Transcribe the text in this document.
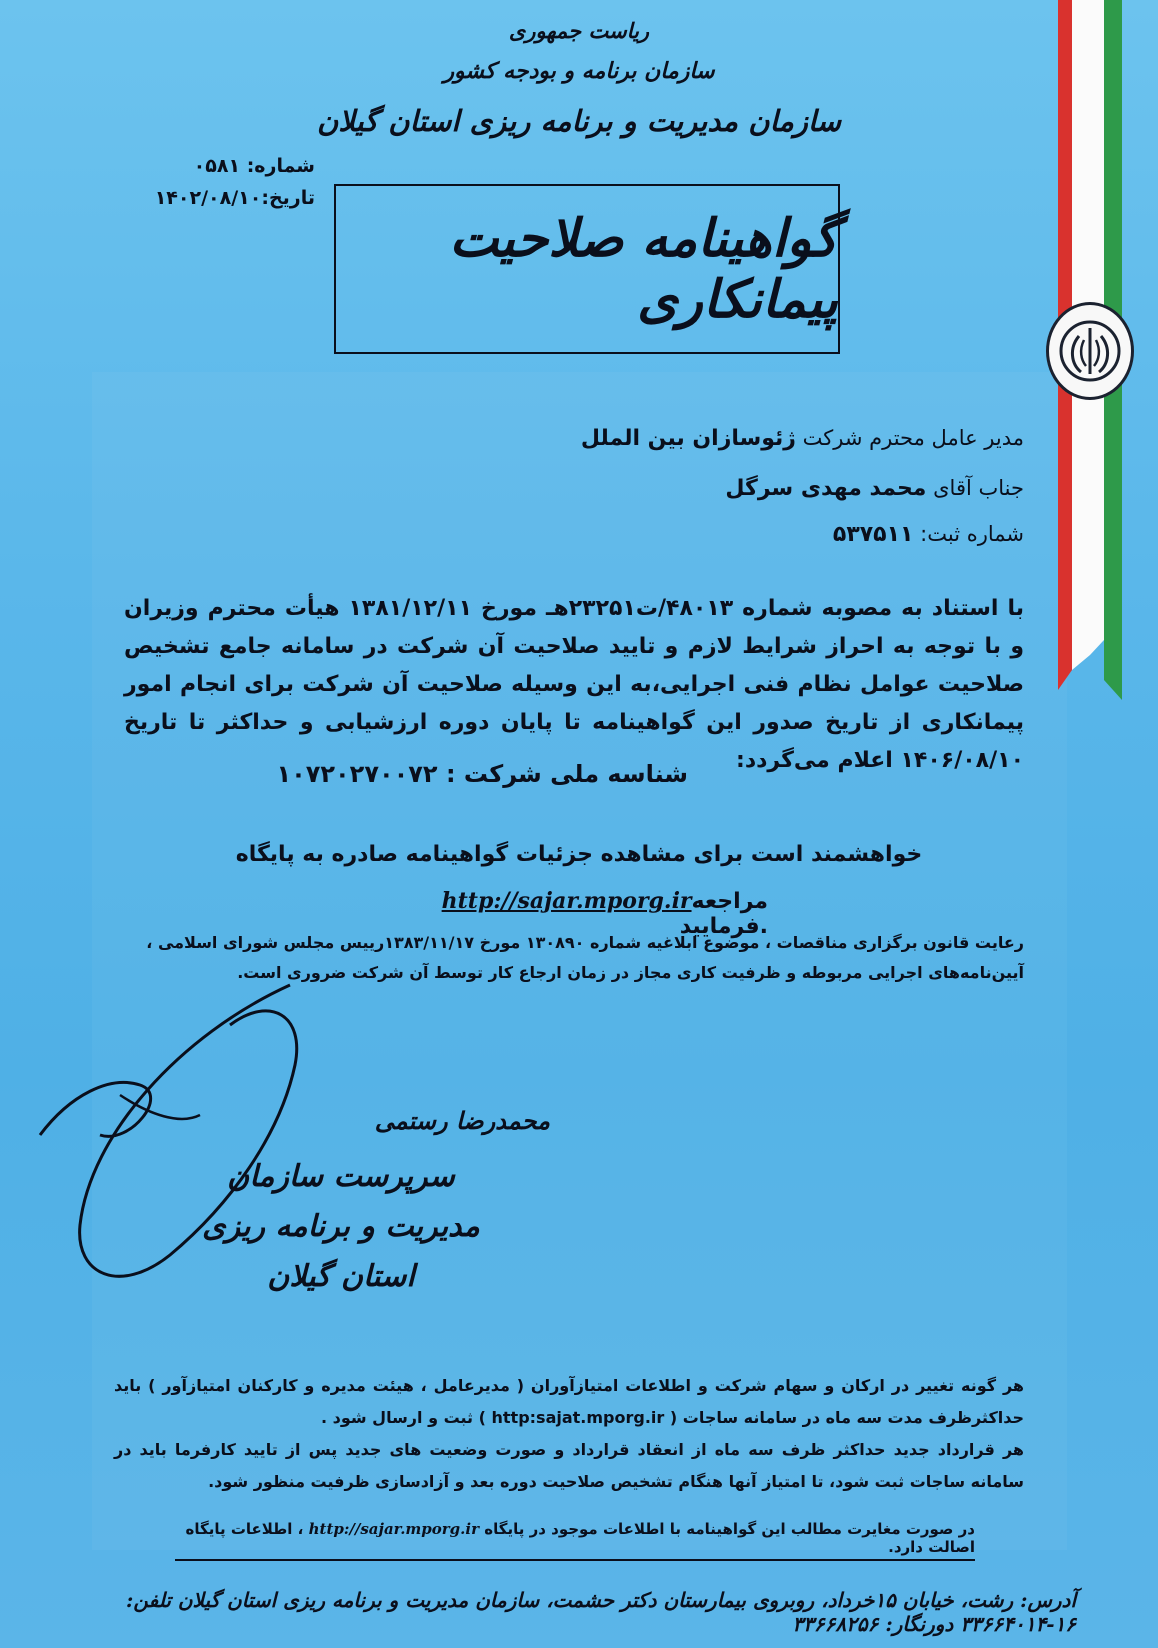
ریاست جمهوری
سازمان برنامه و بودجه کشور
سازمان مدیریت و برنامه ریزی استان گیلان
شماره: ۰۵۸۱
تاریخ:۱۴۰۲/۰۸/۱۰
گواهینامه صلاحیت پیمانکاری
مدیر عامل محترم شرکت ژئوسازان بین الملل
جناب آقای محمد مهدی سرگل
شماره ثبت: ۵۳۷۵۱۱
با استناد به مصوبه شماره ۴۸۰۱۳/ت۲۳۲۵۱هـ مورخ ۱۳۸۱/۱۲/۱۱ هیأت محترم وزیران و با توجه به احراز شرایط لازم و تایید صلاحیت آن شرکت در سامانه جامع تشخیص صلاحیت عوامل نظام فنی اجرایی،به این وسیله صلاحیت آن شرکت برای انجام امور پیمانکاری از تاریخ صدور این گواهینامه تا پایان دوره ارزشیابی و حداکثر تا تاریخ ۱۴۰۶/۰۸/۱۰ اعلام می‌گردد:
شناسه ملی شرکت : ۱۰۷۲۰۲۷۰۰۷۲
خواهشمند است برای مشاهده جزئیات گواهینامه صادره به پایگاه
http://sajar.mporg.irمراجعه فرمایید.
رعایت قانون برگزاری مناقصات ، موضوع ابلاغیه شماره ۱۳۰۸۹۰ مورخ ۱۳۸۳/۱۱/۱۷رییس مجلس شورای اسلامی ، آیین‌نامه‌های اجرایی مربوطه و ظرفیت کاری مجاز در زمان ارجاع کار توسط آن شرکت ضروری است.
محمدرضا رستمی
سرپرست سازمان مدیریت و برنامه ریزی
استان گیلان
هر گونه تغییر در ارکان و سهام شرکت و اطلاعات امتیازآوران ( مدیرعامل ، هیئت مدیره و کارکنان امتیازآور ) باید حداکثرظرف مدت سه ماه در سامانه ساجات ( http:sajat.mporg.ir ) ثبت و ارسال شود .
هر قرارداد جدید حداکثر ظرف سه ماه از انعقاد قرارداد و صورت وضعیت های جدید پس از تایید کارفرما باید در سامانه ساجات ثبت شود، تا امتیاز آنها هنگام تشخیص صلاحیت دوره بعد و آزادسازی ظرفیت منظور شود.
در صورت مغایرت مطالب این گواهینامه با اطلاعات موجود در پایگاه http://sajar.mporg.ir ، اطلاعات پایگاه اصالت دارد.
آدرس: رشت، خیابان ۱۵خرداد، روبروی بیمارستان دکتر حشمت، سازمان مدیریت و برنامه ریزی استان گیلان تلفن: ۱۶-۳۳۶۶۴۰۱۴ دورنگار: ۳۳۶۶۸۲۵۶
